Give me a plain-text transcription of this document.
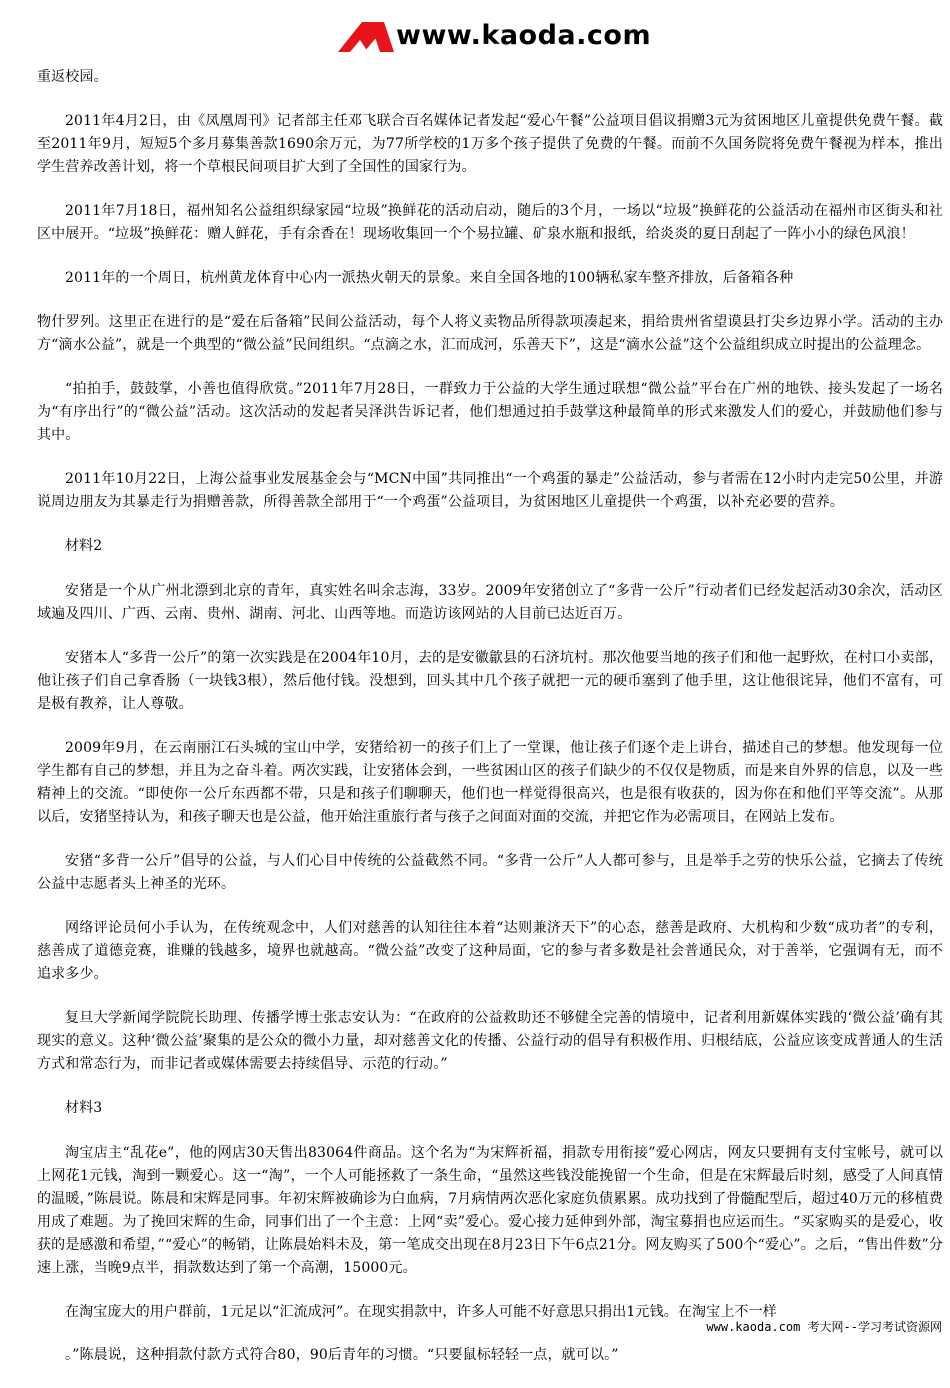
www.kaoda.com

重返校园。

2011年4月2日，由《凤凰周刊》记者部主任邓飞联合百名媒体记者发起“爱心午餐”公益项目倡议捐赠3元为贫困地区儿童提供免费午餐。截至2011年9月，短短5个多月募集善款1690余万元，为77所学校的1万多个孩子提供了免费的午餐。而前不久国务院将免费午餐视为样本，推出学生营养改善计划，将一个草根民间项目扩大到了全国性的国家行为。

2011年7月18日，福州知名公益组织绿家园“垃圾”换鲜花的活动启动，随后的3个月，一场以“垃圾”换鲜花的公益活动在福州市区街头和社区中展开。“垃圾”换鲜花：赠人鲜花，手有余香在！现场收集回一个个易拉罐、矿泉水瓶和报纸，给炎炎的夏日刮起了一阵小小的绿色风浪！

2011年的一个周日，杭州黄龙体育中心内一派热火朝天的景象。来自全国各地的100辆私家车整齐排放，后备箱各种

物什罗列。这里正在进行的是“爱在后备箱”民间公益活动，每个人将义卖物品所得款项凑起来，捐给贵州省望谟县打尖乡边界小学。活动的主办方“滴水公益”，就是一个典型的“微公益”民间组织。“点滴之水，汇而成河，乐善天下”，这是“滴水公益”这个公益组织成立时提出的公益理念。

“拍拍手，鼓鼓掌，小善也值得欣赏。”2011年7月28日，一群致力于公益的大学生通过联想“微公益”平台在广州的地铁、接头发起了一场名为“有序出行”的“微公益”活动。这次活动的发起者吴泽洪告诉记者，他们想通过拍手鼓掌这种最简单的形式来激发人们的爱心，并鼓励他们参与其中。

2011年10月22日，上海公益事业发展基金会与“MCN中国”共同推出“一个鸡蛋的暴走”公益活动，参与者需在12小时内走完50公里，并游说周边朋友为其暴走行为捐赠善款，所得善款全部用于“一个鸡蛋”公益项目，为贫困地区儿童提供一个鸡蛋，以补充必要的营养。

材料2

安猪是一个从广州北漂到北京的青年，真实姓名叫余志海，33岁。2009年安猪创立了“多背一公斤”行动者们已经发起活动30余次，活动区域遍及四川、广西、云南、贵州、湖南、河北、山西等地。而造访该网站的人目前已达近百万。

安猪本人“多背一公斤”的第一次实践是在2004年10月，去的是安徽歙县的石济坑村。那次他要当地的孩子们和他一起野炊，在村口小卖部，他让孩子们自己拿香肠（一块钱3根），然后他付钱。没想到，回头其中几个孩子就把一元的硬币塞到了他手里，这让他很诧异，他们不富有，可是极有教养，让人尊敬。

2009年9月，在云南丽江石头城的宝山中学，安猪给初一的孩子们上了一堂课，他让孩子们逐个走上讲台，描述自己的梦想。他发现每一位学生都有自己的梦想，并且为之奋斗着。两次实践，让安猪体会到，一些贫困山区的孩子们缺少的不仅仅是物质，而是来自外界的信息，以及一些精神上的交流。“即使你一公斤东西都不带，只是和孩子们聊聊天，他们也一样觉得很高兴，也是很有收获的，因为你在和他们平等交流”。从那以后，安猪坚持认为，和孩子聊天也是公益，他开始注重旅行者与孩子之间面对面的交流，并把它作为必需项目，在网站上发布。

安猪“多背一公斤”倡导的公益，与人们心目中传统的公益截然不同。“多背一公斤”人人都可参与，且是举手之劳的快乐公益，它摘去了传统公益中志愿者头上神圣的光环。

网络评论员何小手认为，在传统观念中，人们对慈善的认知往往本着“达则兼济天下”的心态，慈善是政府、大机构和少数“成功者”的专利，慈善成了道德竞赛，谁赚的钱越多，境界也就越高。“微公益”改变了这种局面，它的参与者多数是社会普通民众，对于善举，它强调有无，而不追求多少。

复旦大学新闻学院院长助理、传播学博士张志安认为：“在政府的公益救助还不够健全完善的情境中，记者利用新媒体实践的‘微公益’确有其现实的意义。这种‘微公益’聚集的是公众的微小力量，却对慈善文化的传播、公益行动的倡导有积极作用、归根结底，公益应该变成普通人的生活方式和常态行为，而非记者或媒体需要去持续倡导、示范的行动。”

材料3

淘宝店主“乱花e”，他的网店30天售出83064件商品。这个名为“为宋辉祈福，捐款专用衔接”爱心网店，网友只要拥有支付宝帐号，就可以上网花1元钱，淘到一颗爱心。这一“淘”，一个人可能拯救了一条生命，“虽然这些钱没能挽留一个生命，但是在宋辉最后时刻，感受了人间真情的温暖，”陈晨说。陈晨和宋辉是同事。年初宋辉被确诊为白血病，7月病情两次恶化家庭负债累累。成功找到了骨髓配型后，超过40万元的移植费用成了难题。为了挽回宋辉的生命，同事们出了一个主意：上网“卖”爱心。爱心接力延伸到外部，淘宝募捐也应运而生。“买家购买的是爱心，收获的是感激和希望，”“爱心”的畅销，让陈晨始料未及，第一笔成交出现在8月23日下午6点21分。网友购买了500个“爱心”。之后，“售出件数”分速上涨，当晚9点半，捐款数达到了第一个高潮，15000元。

在淘宝庞大的用户群前，1元足以“汇流成河”。在现实捐款中，许多人可能不好意思只捐出1元钱。在淘宝上不一样

。”陈晨说，这种捐款付款方式符合80，90后青年的习惯。“只要鼠标轻轻一点，就可以。”

www.kaoda.com 考大网--学习考试资源网
